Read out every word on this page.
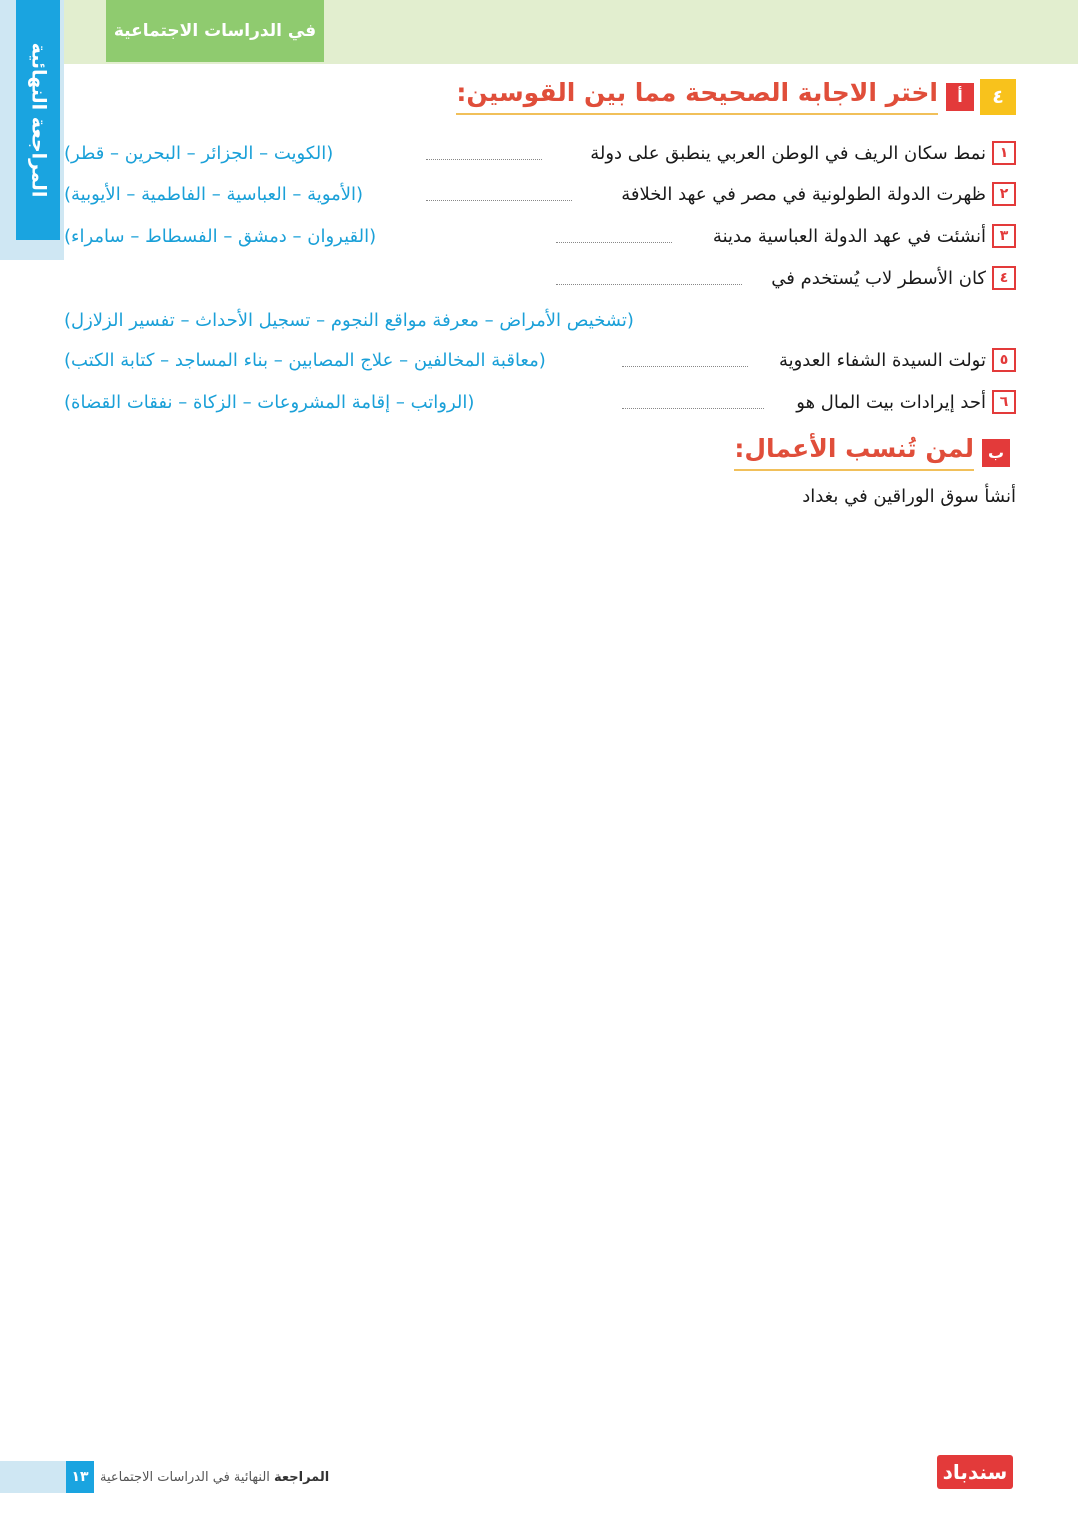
في الدراسات الاجتماعية
المراجعة النهائية	٤
أ
اختر الاجابة الصحيحة مما بين القوسين:
١
نمط سكان الريف في الوطن العربي ينطبق على دولة
(الكويت – الجزائر – البحرين – قطر)
٢
ظهرت الدولة الطولونية في مصر في عهد الخلافة
(الأموية – العباسية – الفاطمية – الأيوبية)
٣
أنشئت في عهد الدولة العباسية مدينة
(القيروان – دمشق – الفسطاط – سامراء)
٤
كان الأسطر لاب يُستخدم في
(تشخيص الأمراض – معرفة مواقع النجوم – تسجيل الأحداث – تفسير الزلازل)
٥
تولت السيدة الشفاء العدوية
(معاقبة المخالفين – علاج المصابين – بناء المساجد – كتابة الكتب)
٦
أحد إيرادات بيت المال هو
(الرواتب – إقامة المشروعات – الزكاة – نفقات القضاة)
ب
لمن تُنسب الأعمال:
أنشأ سوق الوراقين في بغداد
١٣	المراجعة

النهائية في الدراسات الاجتماعية	سندباد
